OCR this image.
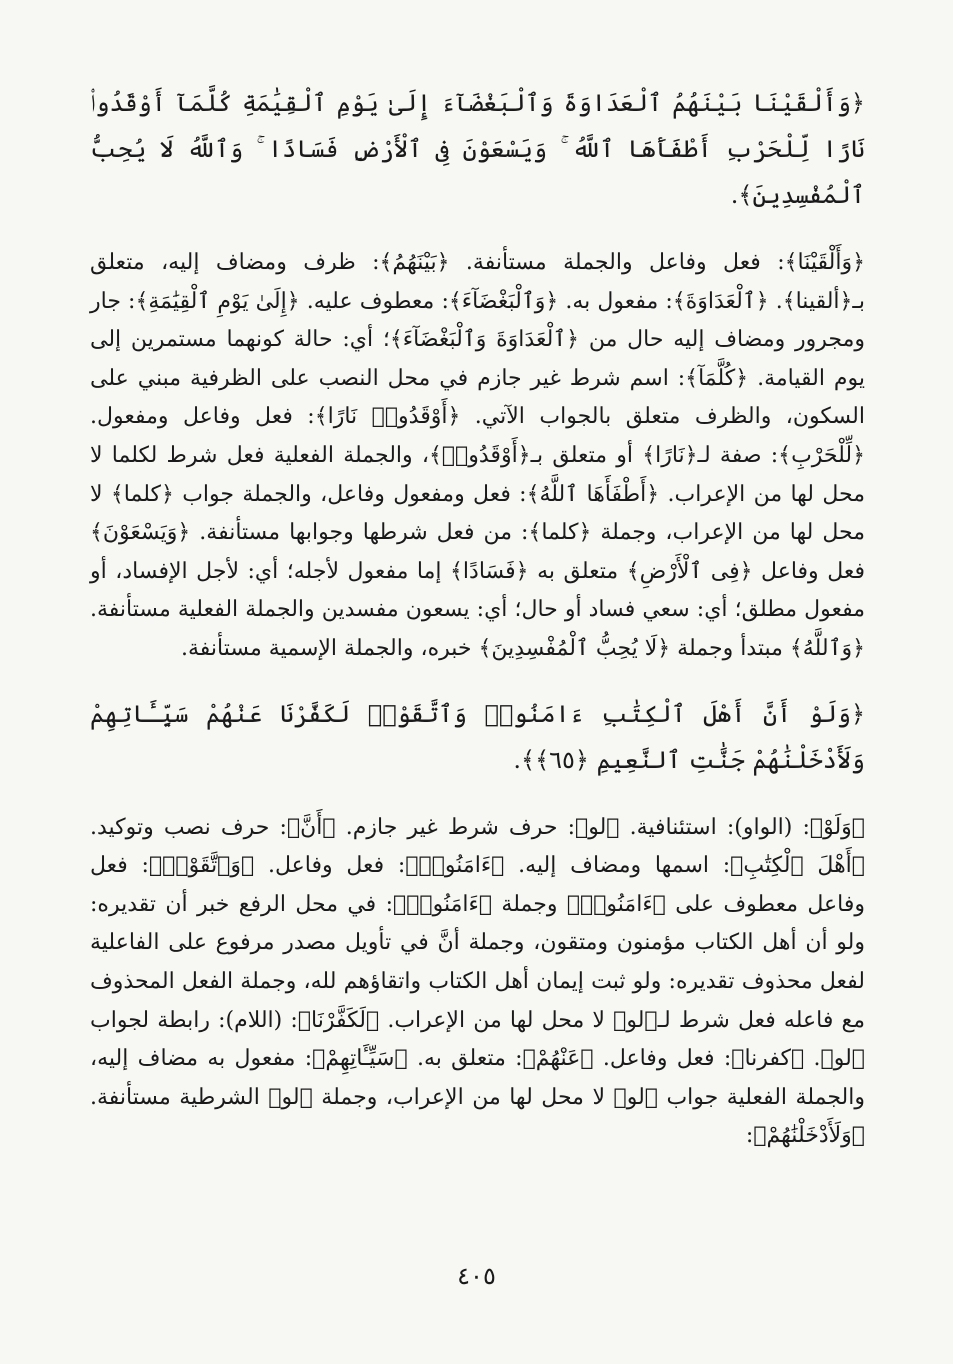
﴿وَأَلْقَيْنَا بَيْنَهُمُ ٱلْعَدَاوَةَ وَٱلْبَغْضَآءَ إِلَىٰ يَوْمِ ٱلْقِيَٰمَةِ كُلَّمَآ أَوْقَدُوا۟ نَارًا لِّلْحَرْبِ أَطْفَأَهَا ٱللَّهُ ۚ وَيَسْعَوْنَ فِى ٱلْأَرْضِ فَسَادًا ۚ وَٱللَّهُ لَا يُحِبُّ ٱلْمُفْسِدِينَ﴾.

﴿وَأَلْقَيْنَا﴾: فعل وفاعل والجملة مستأنفة. ﴿بَيْنَهُمُ﴾: ظرف ومضاف إليه، متعلق بـ﴿ألقينا﴾. ﴿ٱلْعَدَاوَةَ﴾: مفعول به. ﴿وَٱلْبَغْضَآءَ﴾: معطوف عليه. ﴿إِلَىٰ يَوْمِ ٱلْقِيَٰمَةِ﴾: جار ومجرور ومضاف إليه حال من ﴿ٱلْعَدَاوَةَ وَٱلْبَغْضَآءَ﴾؛ أي: حالة كونهما مستمرين إلى يوم القيامة. ﴿كُلَّمَآ﴾: اسم شرط غير جازم في محل النصب على الظرفية مبني على السكون، والظرف متعلق بالجواب الآتي. ﴿أَوْقَدُوا۟ نَارًا﴾: فعل وفاعل ومفعول. ﴿لِّلْحَرْبِ﴾: صفة لـ﴿نَارًا﴾ أو متعلق بـ﴿أَوْقَدُوا۟﴾، والجملة الفعلية فعل شرط لكلما لا محل لها من الإعراب. ﴿أَطْفَأَهَا ٱللَّهُ﴾: فعل ومفعول وفاعل، والجملة جواب ﴿كلما﴾ لا محل لها من الإعراب، وجملة ﴿كلما﴾: من فعل شرطها وجوابها مستأنفة. ﴿وَيَسْعَوْنَ﴾ فعل وفاعل ﴿فِى ٱلْأَرْضِ﴾ متعلق به ﴿فَسَادًا﴾ إما مفعول لأجله؛ أي: لأجل الإفساد، أو مفعول مطلق؛ أي: سعي فساد أو حال؛ أي: يسعون مفسدين والجملة الفعلية مستأنفة. ﴿وَٱللَّهُ﴾ مبتدأ وجملة ﴿لَا يُحِبُّ ٱلْمُفْسِدِينَ﴾ خبره، والجملة الإسمية مستأنفة.

﴿وَلَوْ أَنَّ أَهْلَ ٱلْكِتَٰبِ ءَامَنُوا۟ وَٱتَّقَوْا۟ لَكَفَّرْنَا عَنْهُمْ سَيِّـَٔاتِهِمْ وَلَأَدْخَلْنَٰهُمْ جَنَّٰتِ ٱلنَّعِيمِ ﴿٦٥﴾﴾.

﴿وَلَوْ﴾: (الواو): استئنافية. ﴿لو﴾: حرف شرط غير جازم. ﴿أَنَّ﴾: حرف نصب وتوكيد. ﴿أَهْلَ ٱلْكِتَٰبِ﴾: اسمها ومضاف إليه. ﴿ءَامَنُوا۟﴾: فعل وفاعل. ﴿وَٱتَّقَوْا۟﴾: فعل وفاعل معطوف على ﴿ءَامَنُوا۟﴾ وجملة ﴿ءَامَنُوا۟﴾: في محل الرفع خبر أن تقديره: ولو أن أهل الكتاب مؤمنون ومتقون، وجملة أنَّ في تأويل مصدر مرفوع على الفاعلية لفعل محذوف تقديره: ولو ثبت إيمان أهل الكتاب واتقاؤهم لله، وجملة الفعل المحذوف مع فاعله فعل شرط لـ﴿لو﴾ لا محل لها من الإعراب. ﴿لَكَفَّرْنَا﴾: (اللام): رابطة لجواب ﴿لو﴾. ﴿كفرنا﴾: فعل وفاعل. ﴿عَنْهُمْ﴾: متعلق به. ﴿سَيِّـَٔاتِهِمْ﴾: مفعول به مضاف إليه، والجملة الفعلية جواب ﴿لو﴾ لا محل لها من الإعراب، وجملة ﴿لو﴾ الشرطية مستأنفة. ﴿وَلَأَدْخَلْنَٰهُمْ﴾:

٤٠٥
